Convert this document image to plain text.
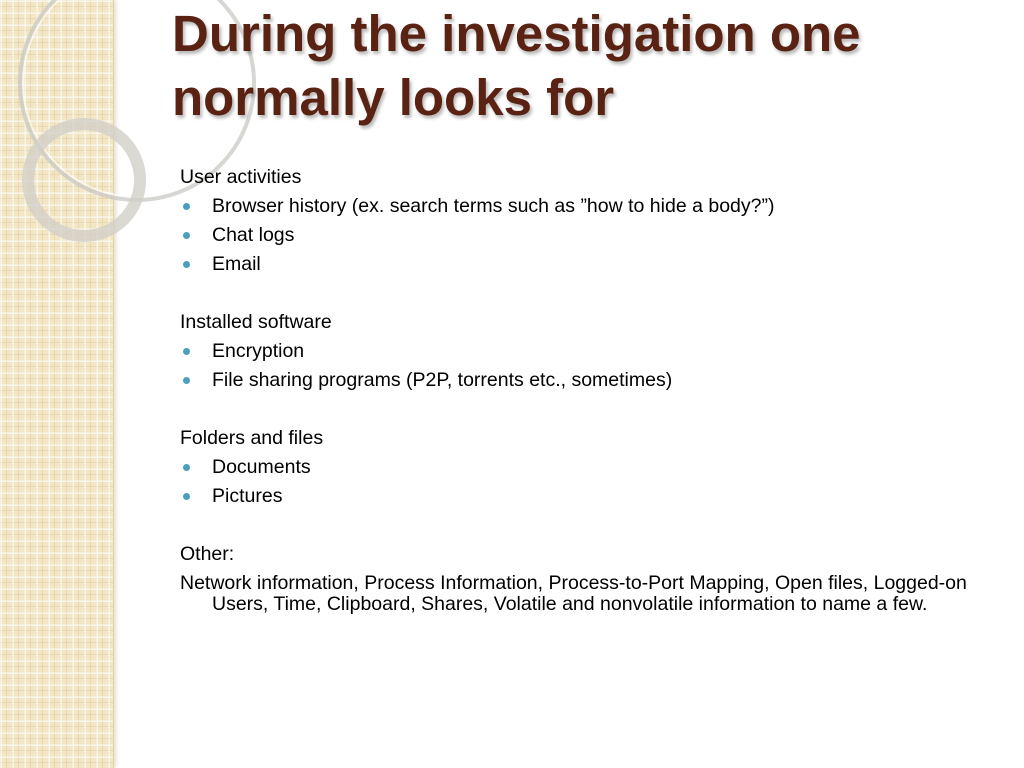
During the investigation one normally looks for
User activities
Browser history (ex. search terms such as ”how to hide a body?”)
Chat logs
Email
Installed software
Encryption
File sharing programs (P2P, torrents etc., sometimes)
Folders and files
Documents
Pictures
Other:
Network information, Process Information, Process-to-Port Mapping, Open files, Logged-on Users, Time, Clipboard, Shares, Volatile and nonvolatile information to name a few.
